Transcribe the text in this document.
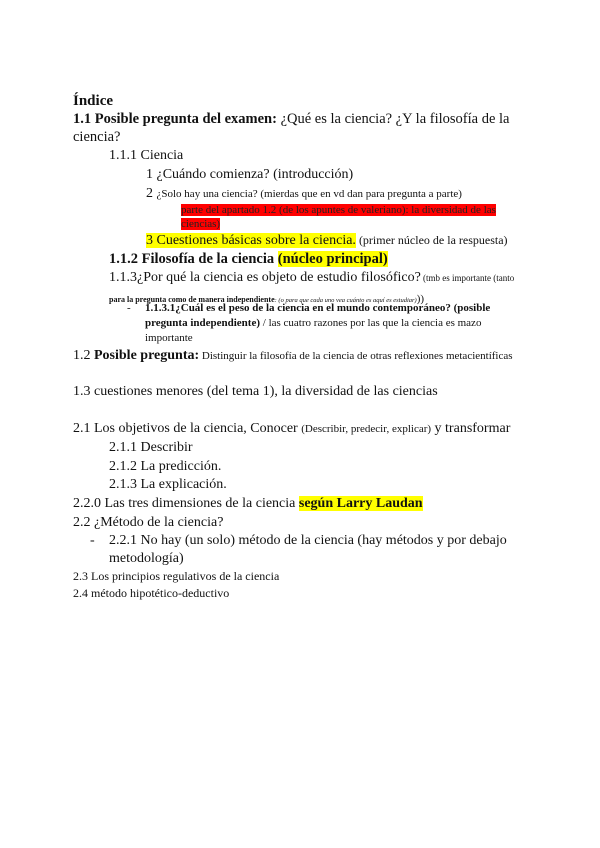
Índice
1.1 Posible pregunta del examen: ¿Qué es la ciencia? ¿Y la filosofía de la
ciencia?
1.1.1 Ciencia
1 ¿Cuándo comienza? (introducción)
2 ¿Solo hay una ciencia? (mierdas que en vd dan para pregunta a parte)
parte del apartado 1.2 (de los apuntes de valeriano): la diversidad de las
ciencias)
3 Cuestiones básicas sobre la ciencia. (primer núcleo de la respuesta)
1.1.2 Filosofía de la ciencia (núcleo principal)
1.1.3¿Por qué la ciencia es objeto de estudio filosófico? (tmb es importante (tanto
para la pregunta como de manera independiente: (o para que cada uno vea cuánto es aquí es estudiar)))
- 1.1.3.1¿Cuál es el peso de la ciencia en el mundo contemporáneo? (posible
pregunta independiente) / las cuatro razones por las que la ciencia es mazo
importante
1.2 Posible pregunta: Distinguir la filosofía de la ciencia de otras reflexiones metacientíficas
1.3 cuestiones menores (del tema 1), la diversidad de las ciencias
2.1 Los objetivos de la ciencia, Conocer (Describir, predecir, explicar) y transformar
2.1.1 Describir
2.1.2 La predicción.
2.1.3 La explicación.
2.2.0 Las tres dimensiones de la ciencia según Larry Laudan
2.2 ¿Método de la ciencia?
- 2.2.1 No hay (un solo) método de la ciencia (hay métodos y por debajo
metodología)
2.3 Los principios regulativos de la ciencia
2.4 método hipotético-deductivo
